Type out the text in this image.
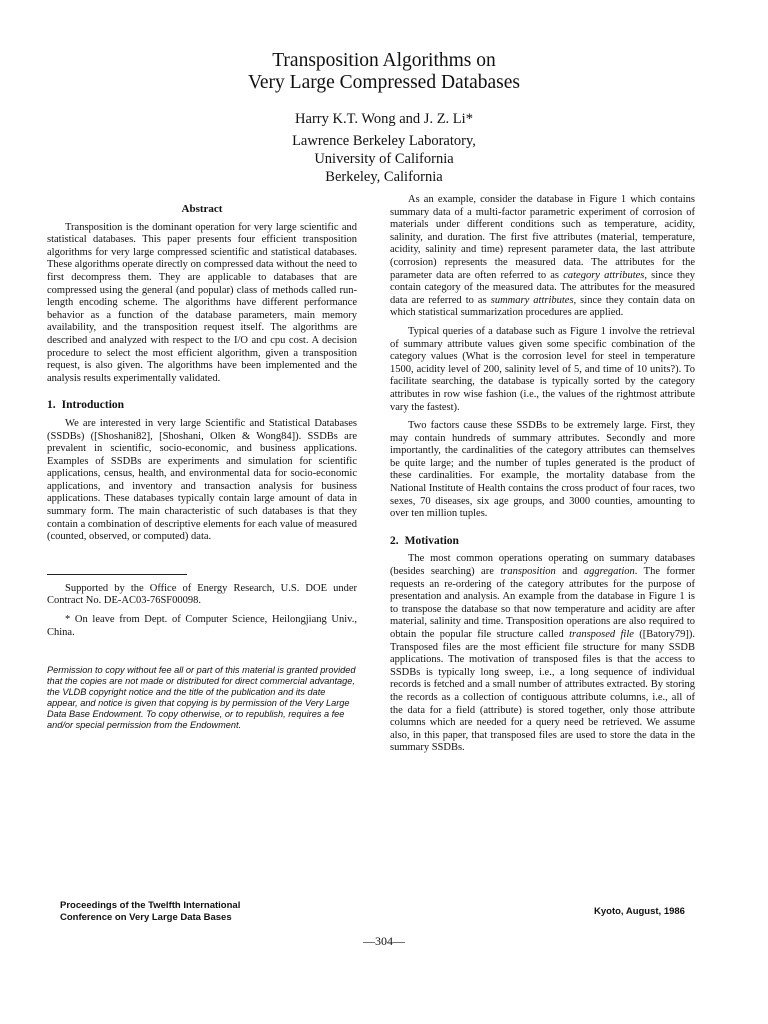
Transposition Algorithms on
Very Large Compressed Databases
Harry K.T. Wong and J. Z. Li*
Lawrence Berkeley Laboratory,
University of California
Berkeley, California
Abstract

Transposition is the dominant operation for very large scientific and statistical databases. This paper presents four efficient transposition algorithms for very large compressed scientific and statistical databases. These algorithms operate directly on compressed data without the need to first decompress them. They are applicable to databases that are compressed using the general (and popular) class of methods called run-length encoding scheme. The algorithms have different performance behavior as a function of the database parameters, main memory availability, and the transposition request itself. The algorithms are described and analyzed with respect to the I/O and cpu cost. A decision procedure to select the most efficient algorithm, given a transposition request, is also given. The algorithms have been implemented and the analysis results experimentally validated.

1. Introduction

We are interested in very large Scientific and Statistical Databases (SSDBs) ([Shoshani82], [Shoshani, Olken & Wong84]). SSDBs are prevalent in scientific, socio-economic, and business applications. Examples of SSDBs are experiments and simulation for scientific applications, census, health, and environmental data for socio-economic applications, and inventory and transaction analysis for business applications. These databases typically contain large amount of data in summary form. The main characteristic of such databases is that they contain a combination of descriptive elements for each value of measured (counted, observed, or computed) data.

Supported by the Office of Energy Research, U.S. DOE under Contract No. DE-AC03-76SF00098.

* On leave from Dept. of Computer Science, Heilongjiang Univ., China.

Permission to copy without fee all or part of this material is granted provided that the copies are not made or distributed for direct commercial advantage, the VLDB copyright notice and the title of the publication and its date appear, and notice is given that copying is by permission of the Very Large Data Base Endowment. To copy otherwise, or to republish, requires a fee and/or special permission from the Endowment.

As an example, consider the database in Figure 1 which contains summary data of a multi-factor parametric experiment of corrosion of materials under different conditions such as temperature, acidity, salinity, and duration. The first five attributes (material, temperature, acidity, salinity and time) represent parameter data, the last attribute (corrosion) represents the measured data. The attributes for the parameter data are often referred to as category attributes, since they contain category of the measured data. The attributes for the measured data are referred to as summary attributes, since they contain data on which statistical summarization procedures are applied.

Typical queries of a database such as Figure 1 involve the retrieval of summary attribute values given some specific combination of the category values (What is the corrosion level for steel in temperature 1500, acidity level of 200, salinity level of 5, and time of 10 units?). To facilitate searching, the database is typically sorted by the category attributes in row wise fashion (i.e., the values of the rightmost attribute vary the fastest).

Two factors cause these SSDBs to be extremely large. First, they may contain hundreds of summary attributes. Secondly and more importantly, the cardinalities of the category attributes can themselves be quite large; and the number of tuples generated is the product of these cardinalities. For example, the mortality database from the National Institute of Health contains the cross product of four races, two sexes, 70 diseases, six age groups, and 3000 counties, amounting to over ten million tuples.

2. Motivation

The most common operations operating on summary databases (besides searching) are transposition and aggregation. The former requests an re-ordering of the category attributes for the purpose of presentation and analysis. An example from the database in Figure 1 is to transpose the database so that now temperature and acidity are after material, salinity and time. Transposition operations are also required to obtain the popular file structure called transposed file ([Batory79]). Transposed files are the most efficient file structure for many SSDB applications. The motivation of transposed files is that the access to SSDBs is typically long sweep, i.e., a long sequence of individual records is fetched and a small number of attributes extracted. By storing the records as a collection of contiguous attribute columns, i.e., all of the data for a field (attribute) is stored together, only those attribute columns which are needed for a query need be retrieved. We assume also, in this paper, that transposed files are used to store the data in the summary SSDBs.

Proceedings of the Twelfth International
Conference on Very Large Data Bases
Kyoto, August, 1986
—304—
